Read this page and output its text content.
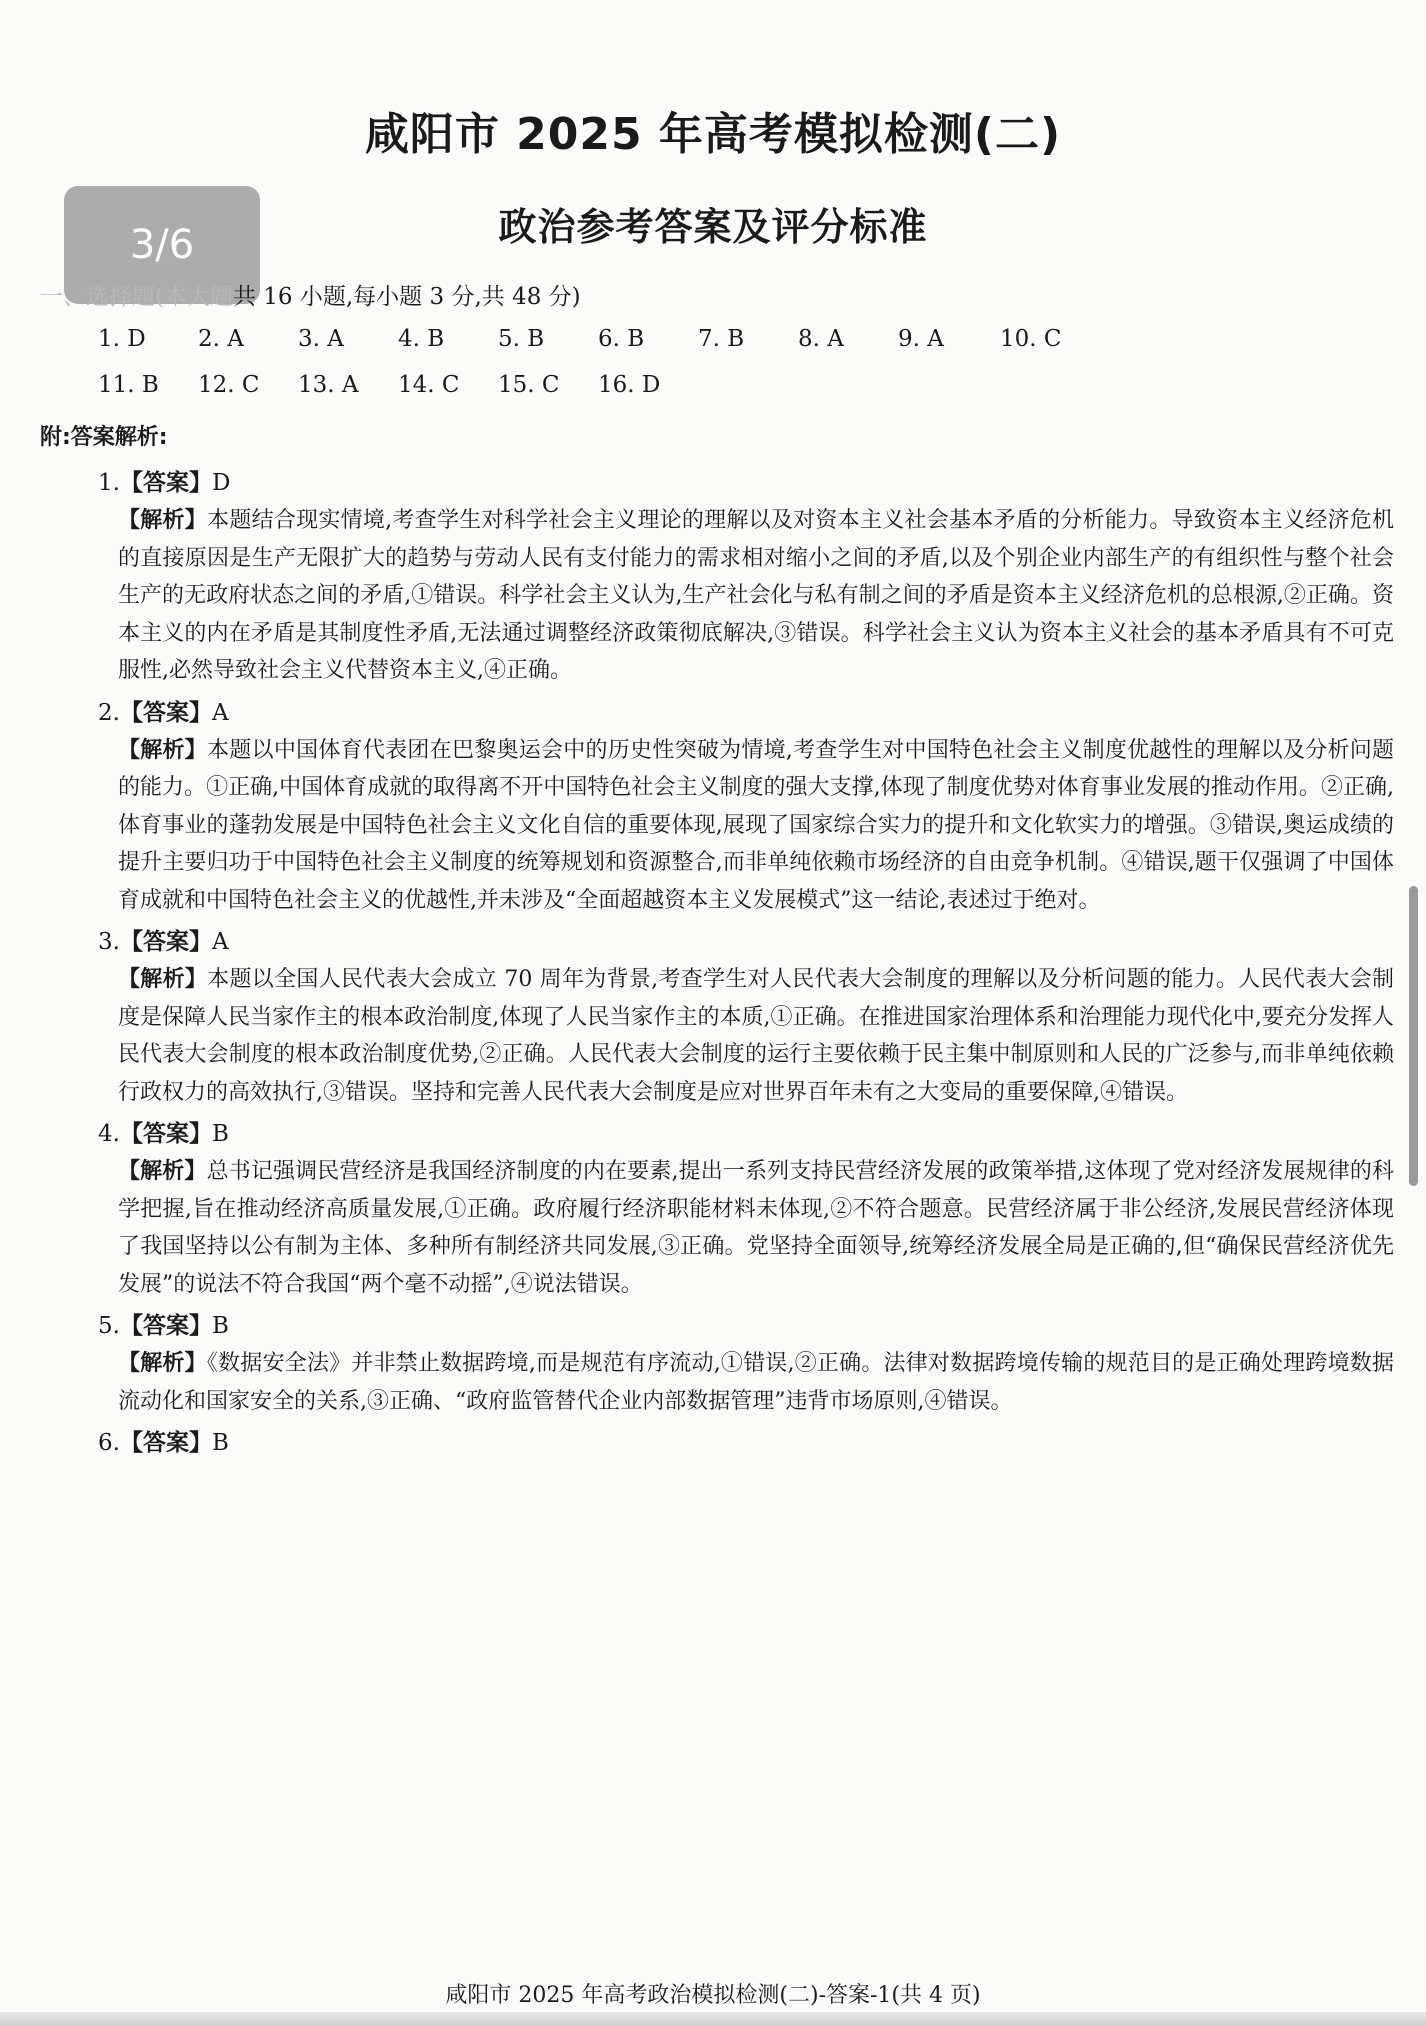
咸阳市 2025 年高考模拟检测(二)
政治参考答案及评分标准
3/6
一、选择题(本大题共 16 小题,每小题 3 分,共 48 分)
1. D	2. A	3. A	4. B	5. B	6. B	7. B	8. A	9. A	10. C
11. B	12. C	13. A	14. C	15. C	16. D
附:答案解析:
1.【答案】D

【解析】本题结合现实情境,考查学生对科学社会主义理论的理解以及对资本主义社会基本矛盾的分析能力。导致资本主义经济危机的直接原因是生产无限扩大的趋势与劳动人民有支付能力的需求相对缩小之间的矛盾,以及个别企业内部生产的有组织性与整个社会生产的无政府状态之间的矛盾,①错误。科学社会主义认为,生产社会化与私有制之间的矛盾是资本主义经济危机的总根源,②正确。资本主义的内在矛盾是其制度性矛盾,无法通过调整经济政策彻底解决,③错误。科学社会主义认为资本主义社会的基本矛盾具有不可克服性,必然导致社会主义代替资本主义,④正确。

2.【答案】A

【解析】本题以中国体育代表团在巴黎奥运会中的历史性突破为情境,考查学生对中国特色社会主义制度优越性的理解以及分析问题的能力。①正确,中国体育成就的取得离不开中国特色社会主义制度的强大支撑,体现了制度优势对体育事业发展的推动作用。②正确,体育事业的蓬勃发展是中国特色社会主义文化自信的重要体现,展现了国家综合实力的提升和文化软实力的增强。③错误,奥运成绩的提升主要归功于中国特色社会主义制度的统筹规划和资源整合,而非单纯依赖市场经济的自由竞争机制。④错误,题干仅强调了中国体育成就和中国特色社会主义的优越性,并未涉及“全面超越资本主义发展模式”这一结论,表述过于绝对。

3.【答案】A

【解析】本题以全国人民代表大会成立 70 周年为背景,考查学生对人民代表大会制度的理解以及分析问题的能力。人民代表大会制度是保障人民当家作主的根本政治制度,体现了人民当家作主的本质,①正确。在推进国家治理体系和治理能力现代化中,要充分发挥人民代表大会制度的根本政治制度优势,②正确。人民代表大会制度的运行主要依赖于民主集中制原则和人民的广泛参与,而非单纯依赖行政权力的高效执行,③错误。坚持和完善人民代表大会制度是应对世界百年未有之大变局的重要保障,④错误。

4.【答案】B

【解析】总书记强调民营经济是我国经济制度的内在要素,提出一系列支持民营经济发展的政策举措,这体现了党对经济发展规律的科学把握,旨在推动经济高质量发展,①正确。政府履行经济职能材料未体现,②不符合题意。民营经济属于非公经济,发展民营经济体现了我国坚持以公有制为主体、多种所有制经济共同发展,③正确。党坚持全面领导,统筹经济发展全局是正确的,但“确保民营经济优先发展”的说法不符合我国“两个毫不动摇”,④说法错误。

5.【答案】B

【解析】《数据安全法》并非禁止数据跨境,而是规范有序流动,①错误,②正确。法律对数据跨境传输的规范目的是正确处理跨境数据流动化和国家安全的关系,③正确、“政府监管替代企业内部数据管理”违背市场原则,④错误。

6.【答案】B
咸阳市 2025 年高考政治模拟检测(二)-答案-1(共 4 页)
